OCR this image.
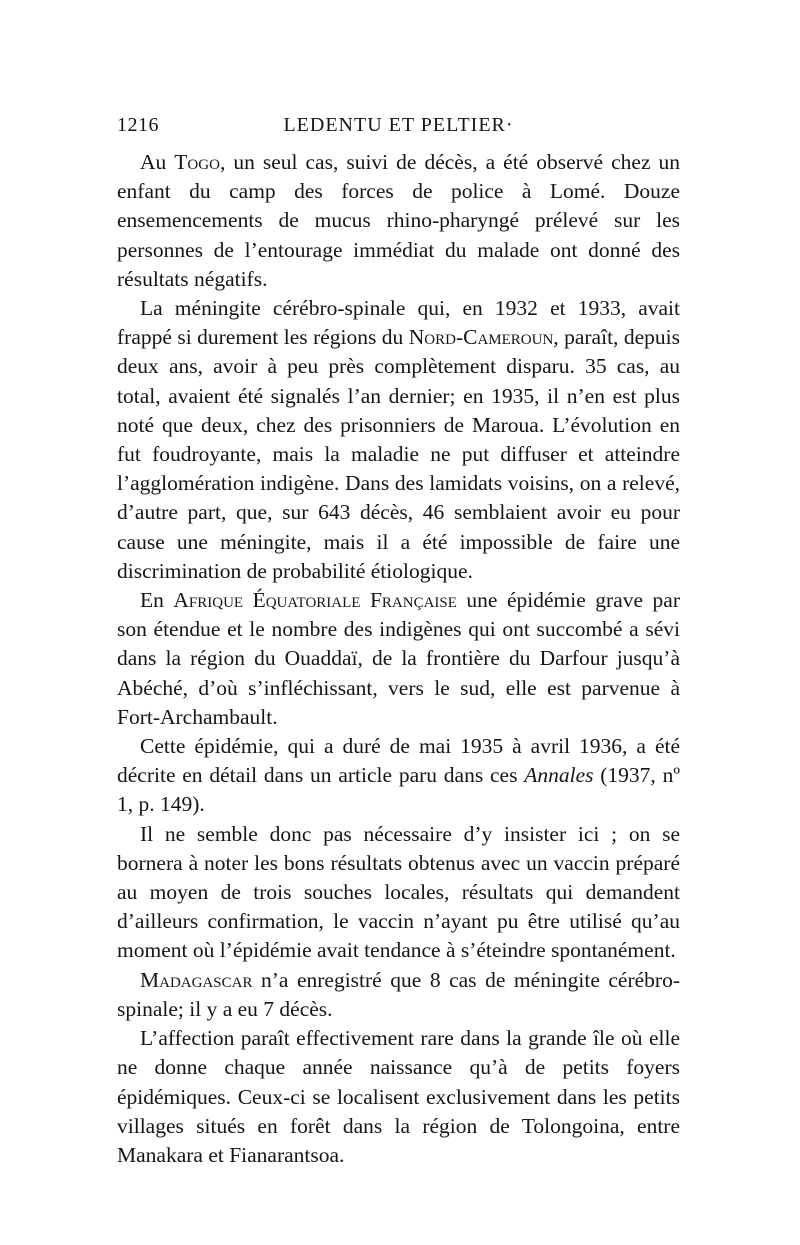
1216	LEDENTU ET PELTIER·

Au Togo, un seul cas, suivi de décès, a été observé chez un enfant du camp des forces de police à Lomé. Douze ensemencements de mucus rhino-pharyngé prélevé sur les personnes de l’entourage immédiat du malade ont donné des résultats négatifs.

La méningite cérébro-spinale qui, en 1932 et 1933, avait frappé si durement les régions du Nord-Cameroun, paraît, depuis deux ans, avoir à peu près complètement disparu. 35 cas, au total, avaient été signalés l’an dernier; en 1935, il n’en est plus noté que deux, chez des prisonniers de Maroua. L’évolution en fut foudroyante, mais la maladie ne put diffuser et atteindre l’agglomération indigène. Dans des lamidats voisins, on a relevé, d’autre part, que, sur 643 décès, 46 semblaient avoir eu pour cause une méningite, mais il a été impossible de faire une discrimination de probabilité étiologique.

En Afrique Équatoriale Française une épidémie grave par son étendue et le nombre des indigènes qui ont succombé a sévi dans la région du Ouaddaï, de la frontière du Darfour jusqu’à Abéché, d’où s’infléchissant, vers le sud, elle est parvenue à Fort-Archambault.

Cette épidémie, qui a duré de mai 1935 à avril 1936, a été décrite en détail dans un article paru dans ces Annales (1937, nº 1, p. 149).

Il ne semble donc pas nécessaire d’y insister ici ; on se bornera à noter les bons résultats obtenus avec un vaccin préparé au moyen de trois souches locales, résultats qui demandent d’ailleurs confirmation, le vaccin n’ayant pu être utilisé qu’au moment où l’épidémie avait tendance à s’éteindre spontanément.

Madagascar n’a enregistré que 8 cas de méningite cérébro-spinale; il y a eu 7 décès.

L’affection paraît effectivement rare dans la grande île où elle ne donne chaque année naissance qu’à de petits foyers épidémiques. Ceux-ci se localisent exclusivement dans les petits villages situés en forêt dans la région de Tolongoina, entre Manakara et Fianarantsoa.
